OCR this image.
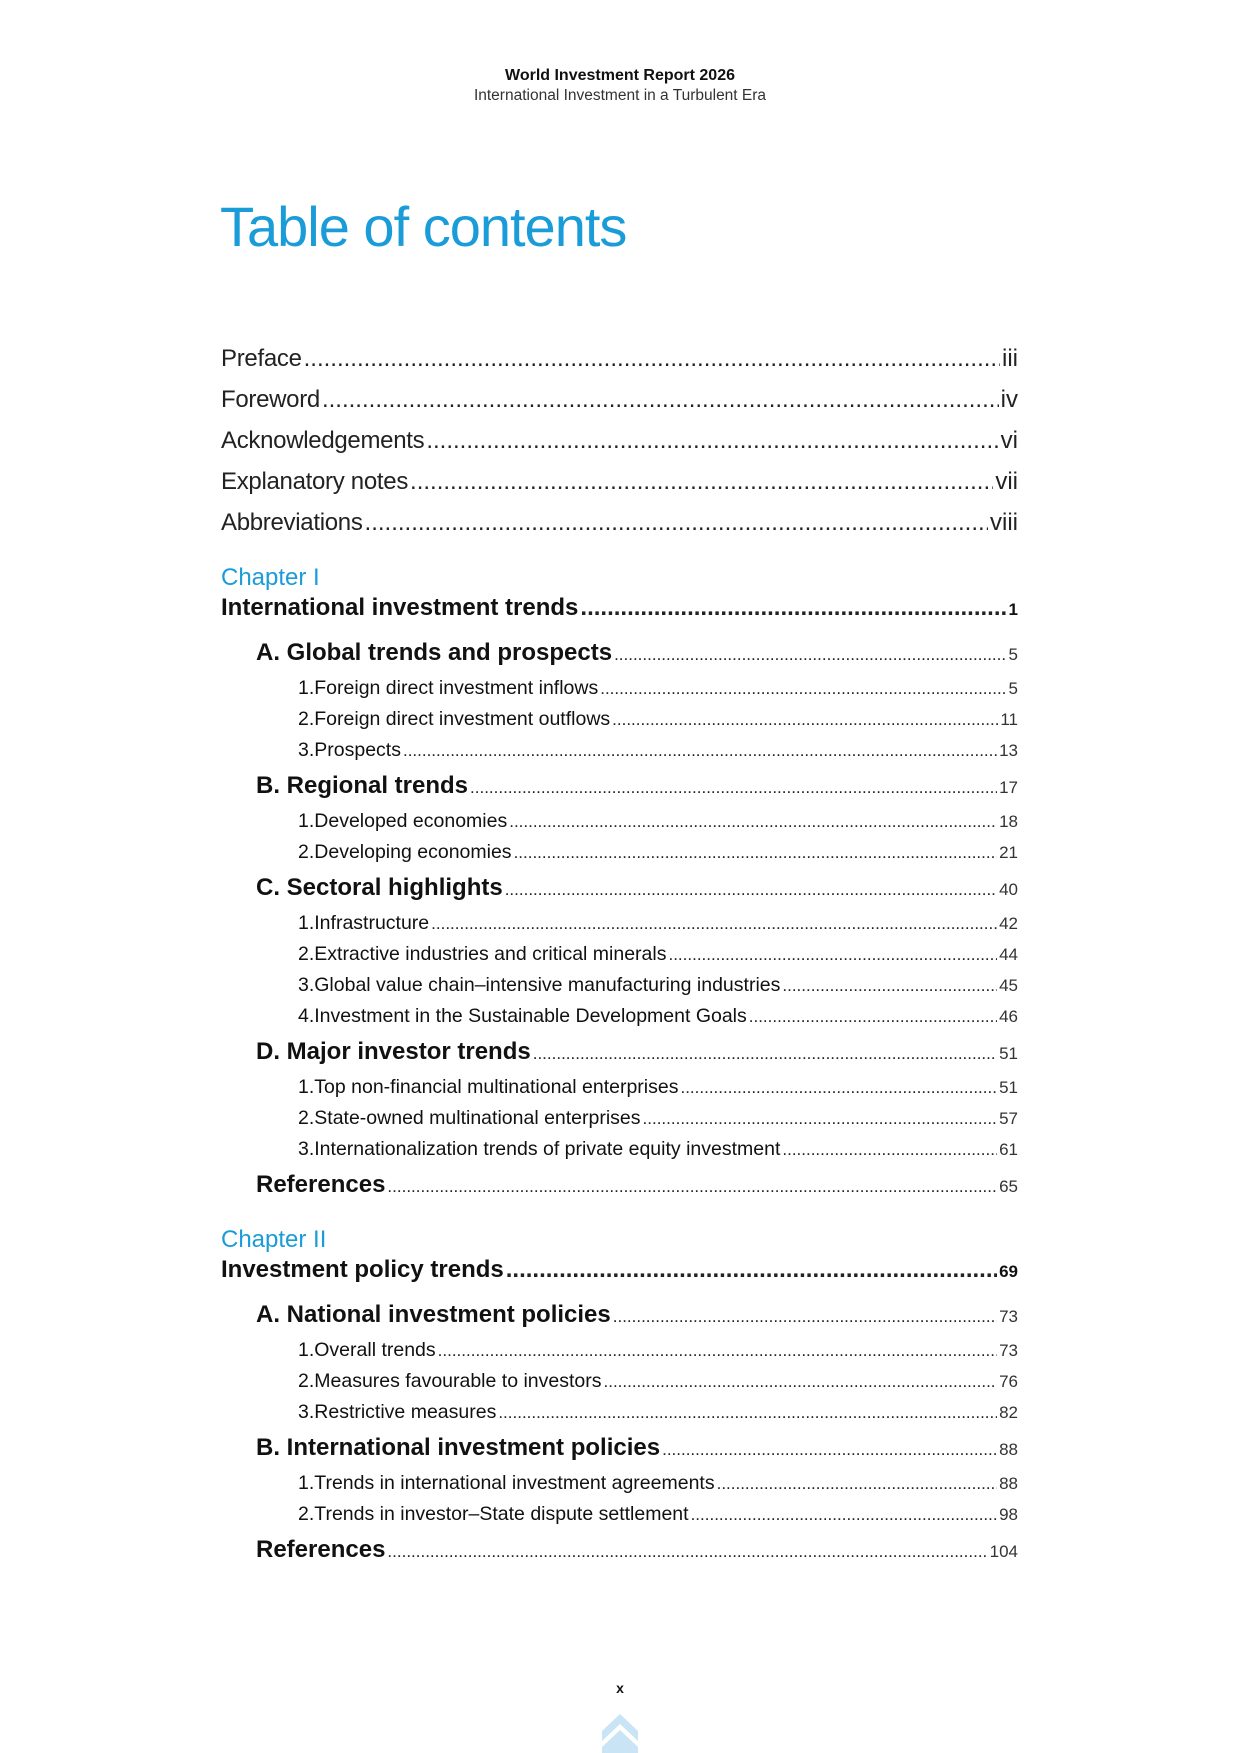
World Investment Report 2026
International Investment in a Turbulent Era
Table of contents
Preface .....	iii
Foreword .....	iv
Acknowledgements .....	vi
Explanatory notes .....	vii
Abbreviations .....	viii
Chapter I
International investment trends .....	1
A. Global trends and prospects .....	5
1. Foreign direct investment inflows .....	5
2. Foreign direct investment outflows .....	11
3. Prospects .....	13
B. Regional trends .....	17
1. Developed economies .....	18
2. Developing economies .....	21
C. Sectoral highlights .....	40
1. Infrastructure .....	42
2. Extractive industries and critical minerals .....	44
3. Global value chain–intensive manufacturing industries .....	45
4. Investment in the Sustainable Development Goals .....	46
D. Major investor trends .....	51
1. Top non-financial multinational enterprises .....	51
2. State-owned multinational enterprises .....	57
3. Internationalization trends of private equity investment .....	61
References .....	65
Chapter II
Investment policy trends .....	69
A. National investment policies .....	73
1. Overall trends .....	73
2. Measures favourable to investors .....	76
3. Restrictive measures .....	82
B. International investment policies .....	88
1. Trends in international investment agreements .....	88
2. Trends in investor–State dispute settlement .....	98
References .....	104
x
